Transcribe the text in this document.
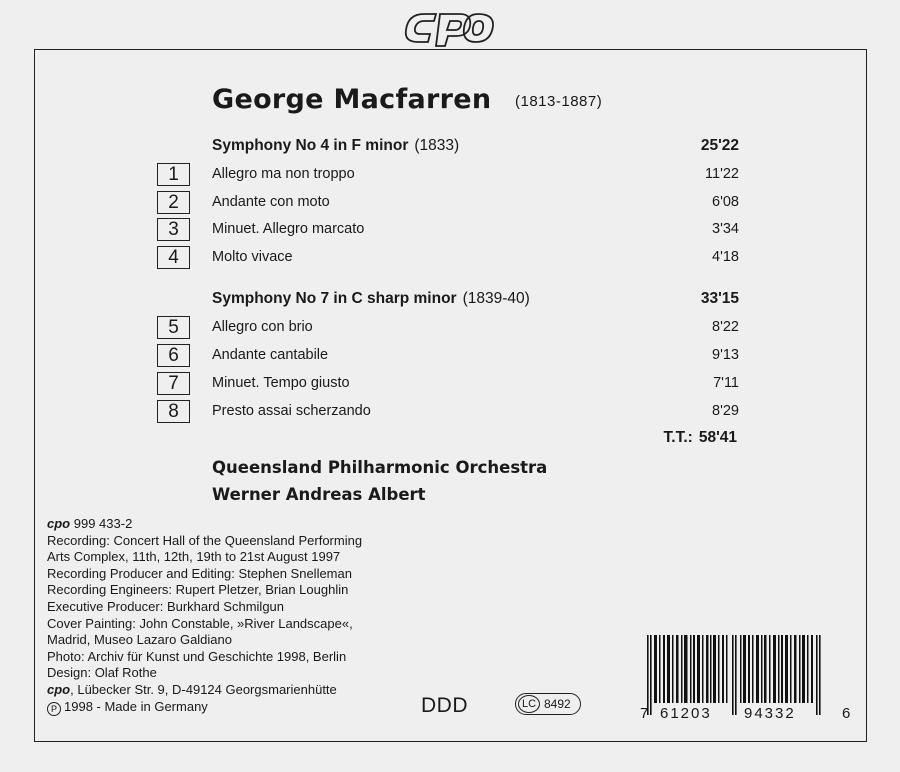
George Macfarren (1813-1887)
Symphony No 4 in F minor (1833)	25'22
1	Allegro ma non troppo	11'22
2	Andante con moto	6'08
3	Minuet. Allegro marcato	3'34
4	Molto vivace	4'18
Symphony No 7 in C sharp minor (1839-40)	33'15
5	Allegro con brio	8'22
6	Andante cantabile	9'13
7	Minuet. Tempo giusto	7'11
8	Presto assai scherzando	8'29
T.T.: 58'41
Queensland Philharmonic Orchestra
Werner Andreas Albert
cpo 999 433-2
Recording: Concert Hall of the Queensland Performing
Arts Complex, 11th, 12th, 19th to 21st August 1997
Recording Producer and Editing: Stephen Snelleman
Recording Engineers: Rupert Pletzer, Brian Loughlin
Executive Producer: Burkhard Schmilgun
Cover Painting: John Constable, »River Landscape«,
Madrid, Museo Lazaro Galdiano
Photo: Archiv für Kunst und Geschichte 1998, Berlin
Design: Olaf Rothe
cpo, Lübecker Str. 9, D-49124 Georgsmarienhütte
P 1998 - Made in Germany	DDD	LC 8492
7 61203 94332	6
